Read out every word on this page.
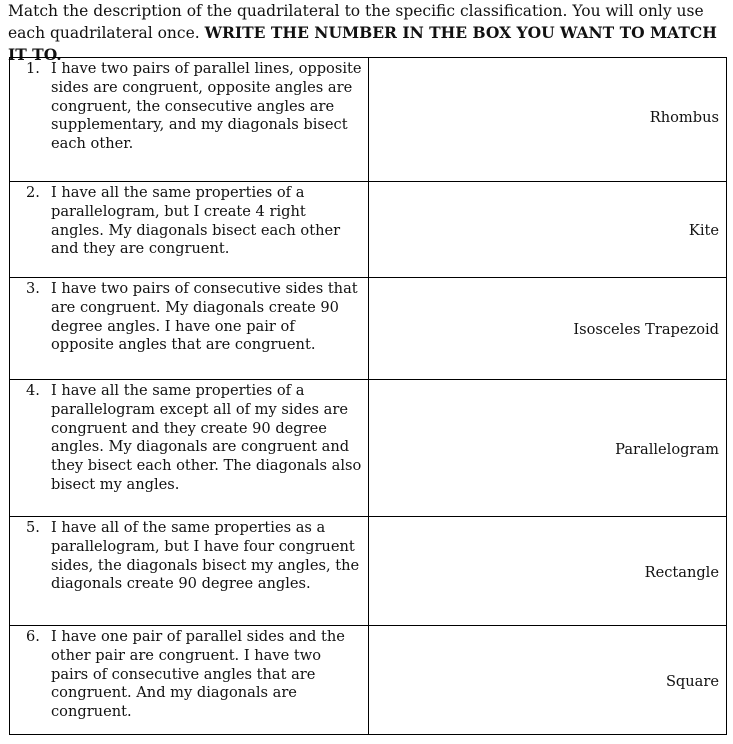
Match the description of the quadrilateral to the specific classification. You will only use each quadrilateral once. WRITE THE NUMBER IN THE BOX YOU WANT TO MATCH IT TO.
1. I have two pairs of parallel lines, opposite sides are congruent, opposite angles are congruent, the consecutive angles are supplementary, and my diagonals bisect each other.	Rhombus

2. I have all the same properties of a parallelogram, but I create 4 right angles. My diagonals bisect each other and they are congruent.	Kite

3. I have two pairs of consecutive sides that are congruent. My diagonals create 90 degree angles. I have one pair of opposite angles that are congruent.	Isosceles Trapezoid

4. I have all the same properties of a parallelogram except all of my sides are congruent and they create 90 degree angles. My diagonals are congruent and they bisect each other. The diagonals also bisect my angles.	Parallelogram

5. I have all of the same properties as a parallelogram, but I have four congruent sides, the diagonals bisect my angles, the diagonals create 90 degree angles.	Rectangle

6. I have one pair of parallel sides and the other pair are congruent. I have two pairs of consecutive angles that are congruent. And my diagonals are congruent.	Square
